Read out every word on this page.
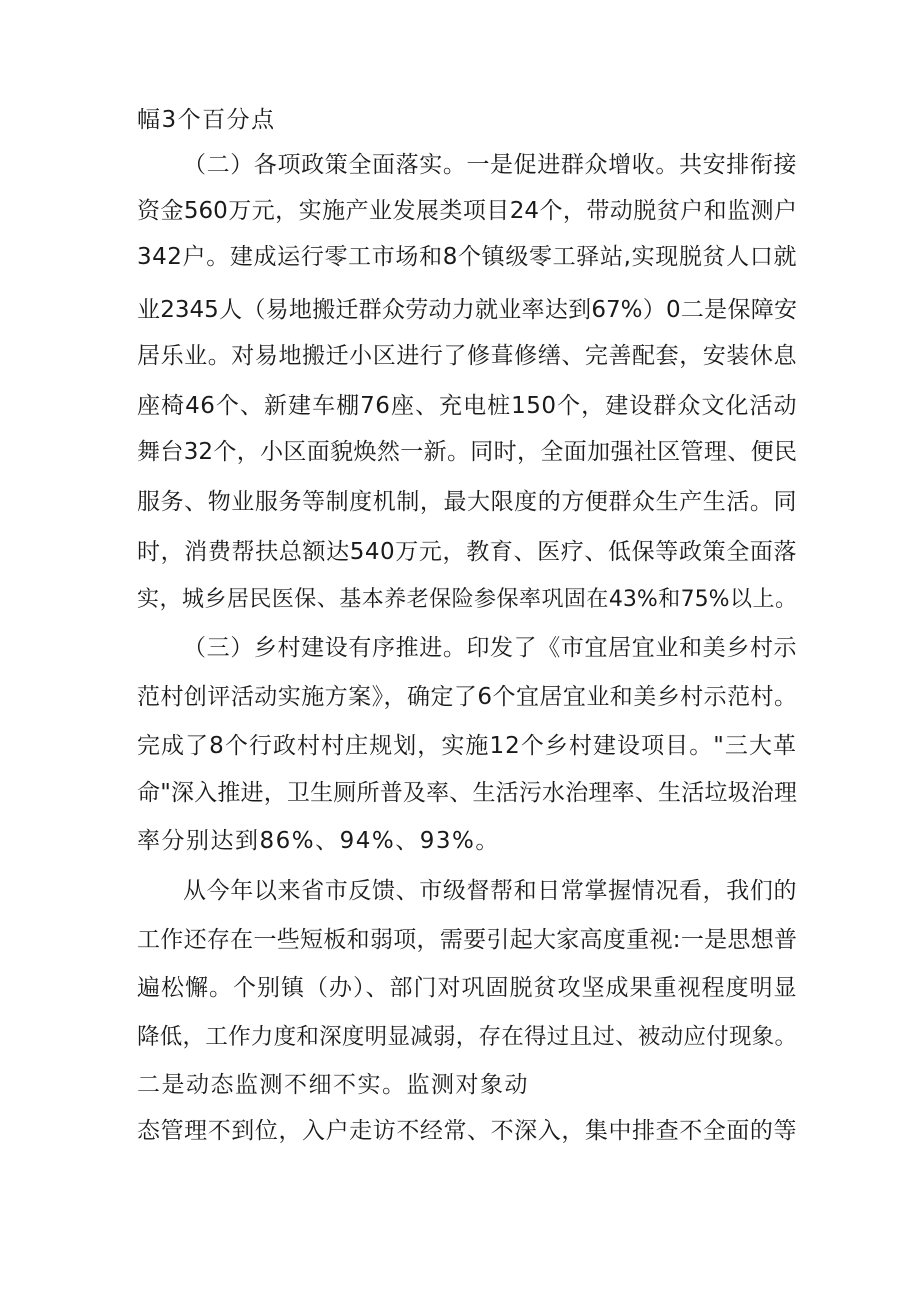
幅3个百分点
（二）各项政策全面落实。一是促进群众增收。共安排衔接
资金560万元，实施产业发展类项目24个，带动脱贫户和监测户
342户。建成运行零工市场和8个镇级零工驿站,实现脱贫人口就
业2345人（易地搬迁群众劳动力就业率达到67%）0二是保障安
居乐业。对易地搬迁小区进行了修葺修缮、完善配套，安装休息
座椅46个、新建车棚76座、充电桩150个，建设群众文化活动
舞台32个，小区面貌焕然一新。同时，全面加强社区管理、便民
服务、物业服务等制度机制，最大限度的方便群众生产生活。同
时，消费帮扶总额达540万元，教育、医疗、低保等政策全面落
实，城乡居民医保、基本养老保险参保率巩固在43%和75%以上。
（三）乡村建设有序推进。印发了《市宜居宜业和美乡村示
范村创评活动实施方案》，确定了6个宜居宜业和美乡村示范村。
完成了8个行政村村庄规划，实施12个乡村建设项目。"三大革
命"深入推进，卫生厕所普及率、生活污水治理率、生活垃圾治理
率分别达到86%、94%、93%。
从今年以来省市反馈、市级督帮和日常掌握情况看，我们的
工作还存在一些短板和弱项，需要引起大家高度重视:一是思想普
遍松懈。个别镇（办）、部门对巩固脱贫攻坚成果重视程度明显
降低，工作力度和深度明显减弱，存在得过且过、被动应付现象。
二是动态监测不细不实。监测对象动
态管理不到位，入户走访不经常、不深入，集中排查不全面的等
